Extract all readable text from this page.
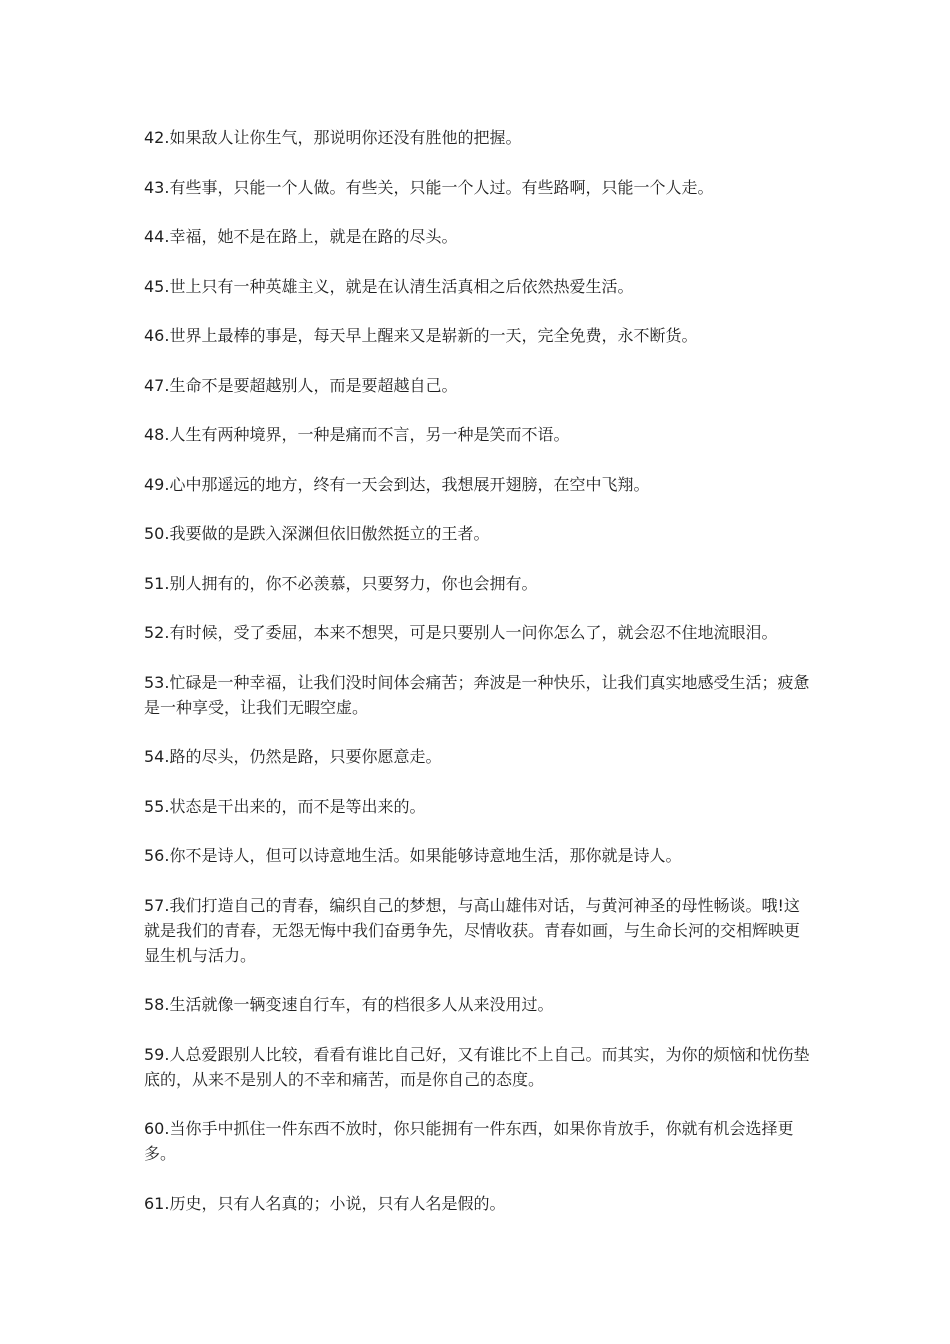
42.如果敌人让你生气，那说明你还没有胜他的把握。

43.有些事，只能一个人做。有些关，只能一个人过。有些路啊，只能一个人走。

44.幸福，她不是在路上，就是在路的尽头。

45.世上只有一种英雄主义，就是在认清生活真相之后依然热爱生活。

46.世界上最棒的事是，每天早上醒来又是崭新的一天，完全免费，永不断货。

47.生命不是要超越别人，而是要超越自己。

48.人生有两种境界，一种是痛而不言，另一种是笑而不语。

49.心中那遥远的地方，终有一天会到达，我想展开翅膀，在空中飞翔。

50.我要做的是跌入深渊但依旧傲然挺立的王者。

51.别人拥有的，你不必羡慕，只要努力，你也会拥有。

52.有时候，受了委屈，本来不想哭，可是只要别人一问你怎么了，就会忍不住地流眼泪。

53.忙碌是一种幸福，让我们没时间体会痛苦；奔波是一种快乐，让我们真实地感受生活；疲惫是一种享受，让我们无暇空虚。

54.路的尽头，仍然是路，只要你愿意走。

55.状态是干出来的，而不是等出来的。

56.你不是诗人，但可以诗意地生活。如果能够诗意地生活，那你就是诗人。

57.我们打造自己的青春，编织自己的梦想，与高山雄伟对话，与黄河神圣的母性畅谈。哦!这就是我们的青春，无怨无悔中我们奋勇争先，尽情收获。青春如画，与生命长河的交相辉映更显生机与活力。

58.生活就像一辆变速自行车，有的档很多人从来没用过。

59.人总爱跟别人比较，看看有谁比自己好，又有谁比不上自己。而其实，为你的烦恼和忧伤垫底的，从来不是别人的不幸和痛苦，而是你自己的态度。

60.当你手中抓住一件东西不放时，你只能拥有一件东西，如果你肯放手，你就有机会选择更多。

61.历史，只有人名真的；小说，只有人名是假的。
